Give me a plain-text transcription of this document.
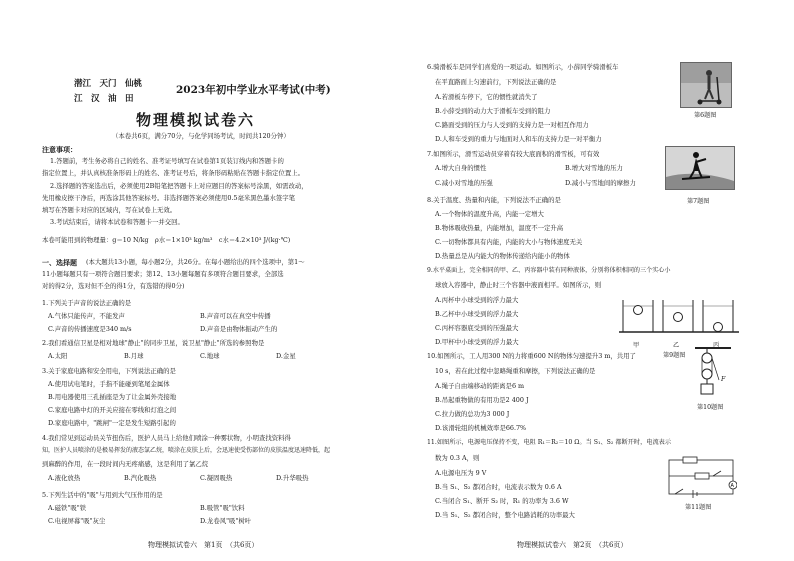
潜江　天门　仙桃
江　汉　油　田
2023年初中学业水平考试(中考)
物理模拟试卷六
（本卷共6页，满分70分，与化学同场考试，时间共120分钟）
注意事项：
1.答题前，考生务必将自己的姓名、准考证号填写在试卷第1页装订线内和答题卡的
指定位置上，并认真核准条形码上的姓名、准考证号后，将条形码粘贴在答题卡指定位置上。
2.选择题的答案选出后，必须使用2B铅笔把答题卡上对应题目的答案标号涂黑，如需改动，
先用橡皮擦干净后，再选涂其他答案标号。非选择题答案必须使用0.5毫米黑色墨水签字笔
填写在答题卡对应的区域内，写在试卷上无效。
3.考试结束后，请将本试卷和答题卡一并交回。
本卷可能用到的物理量：g＝10 N/kg　ρ水＝1×10³ kg/m³　c水＝4.2×10³ J/(kg·℃)
一、选择题 (本大题共13小题，每小题2分，共26分。在每小题给出的四个选项中，第1～
11小题每题只有一项符合题目要求；第12、13小题每题有多项符合题目要求，全部选
对的得2分，选对但不全的得1分，有选错的得0分)
1.下列关于声音的说法正确的是
A.气体只能传声，不能发声	B.声音可以在真空中传播
C.声音的传播速度是340 m/s	D.声音是由物体振动产生的
2.我们看通信卫星是相对地球"静止"的同步卫星，说卫星"静止"所选的参照物是
A.太阳	B.月球	C.地球	D.金星
3.关于家庭电路和安全用电，下列说法正确的是
A.使用试电笔时，手指不能碰到笔尾金属体
B.用电器使用三孔插座是为了让金属外壳接地
C.家庭电路中灯的开关应接在零线和灯泡之间
D.家庭电路中，"跳闸"一定是发生短路引起的
4.我们常见到运动员关节扭伤后，医护人员马上给他们喷涂一种雾状物，小明查找资料得
知，医护人员喷涂的是极易挥发的液态氯乙烷，喷涂在皮肤上后，会迅速使受伤部位的皮肤温度迅速降低，起
到麻醉的作用，在一段时间内无疼痛感，这是利用了氯乙烷
A.液化放热	B.汽化吸热	C.凝固吸热	D.升华吸热
5.下列生活中的"吸"与用到大气压作用的是
A.磁铁"吸"铁	B.吸管"吸"饮料
C.电视屏幕"吸"灰尘	D.龙卷风"吸"树叶
物理模拟试卷六　第1页　（共6页）
6.骑滑板车是同学们喜爱的一项运动。如图所示，小薛同学骑滑板车
在平直路面上匀速前行，下列说法正确的是
A.若滑板车停下，它的惯性就消失了
B.小薛受到的动力大于滑板车受到的阻力
C.路面受到的压力与人受到的支持力是一对相互作用力
D.人和车受到的重力与地面对人和车的支持力是一对平衡力
第6题图
7.如图所示，滑雪运动员穿着有较大底面积的滑雪板，可有效
A.增大自身的惯性	B.增大对雪地的压力
C.减小对雪地的压强	D.减小与雪地间的摩擦力
第7题图
8.关于温度、热量和内能，下列说法不正确的是
A.一个物体的温度升高，内能一定增大
B.物体吸收热量，内能增加，温度不一定升高
C.一切物体都具有内能，内能的大小与物体速度无关
D.热量总是从内能大的物体传递给内能小的物体
9.水平桌面上，完全相同的甲、乙、丙容器中装有同种液体，分别将体积相同的三个实心小
球放入容器中，静止时三个容器中液面相平。如图所示，则
A.丙杯中小球受到的浮力最大
B.乙杯中小球受到的浮力最大
C.丙杯容器底受到的压强最大
D.甲杯中小球受到的浮力最大	甲	乙	丙
第9题图
10.如图所示，工人用300 N的力将重600 N的物体匀速提升3 m，共用了
10 s，若在此过程中忽略绳重和摩擦，下列说法正确的是
A.绳子自由端移动的距离是6 m
B.吊起重物做的有用功是2 400 J
C.拉力做的总功为3 000 J
D.该滑轮组的机械效率是66.7%
F
第10题图
11.如图所示，电源电压保持不变，电阻 R₁＝R₂＝10 Ω。当 S₁、S₂ 都断开时，电流表示
数为 0.3 A，则
A.电源电压为 9 V
B.当 S₁、S₂ 都闭合时，电流表示数为 0.6 A
C.当闭合 S₁、断开 S₂ 时，R₁ 的功率为 3.6 W
D.当 S₁、S₂ 都闭合时，整个电路消耗的功率最大
A
第11题图
物理模拟试卷六　第2页　（共6页）
